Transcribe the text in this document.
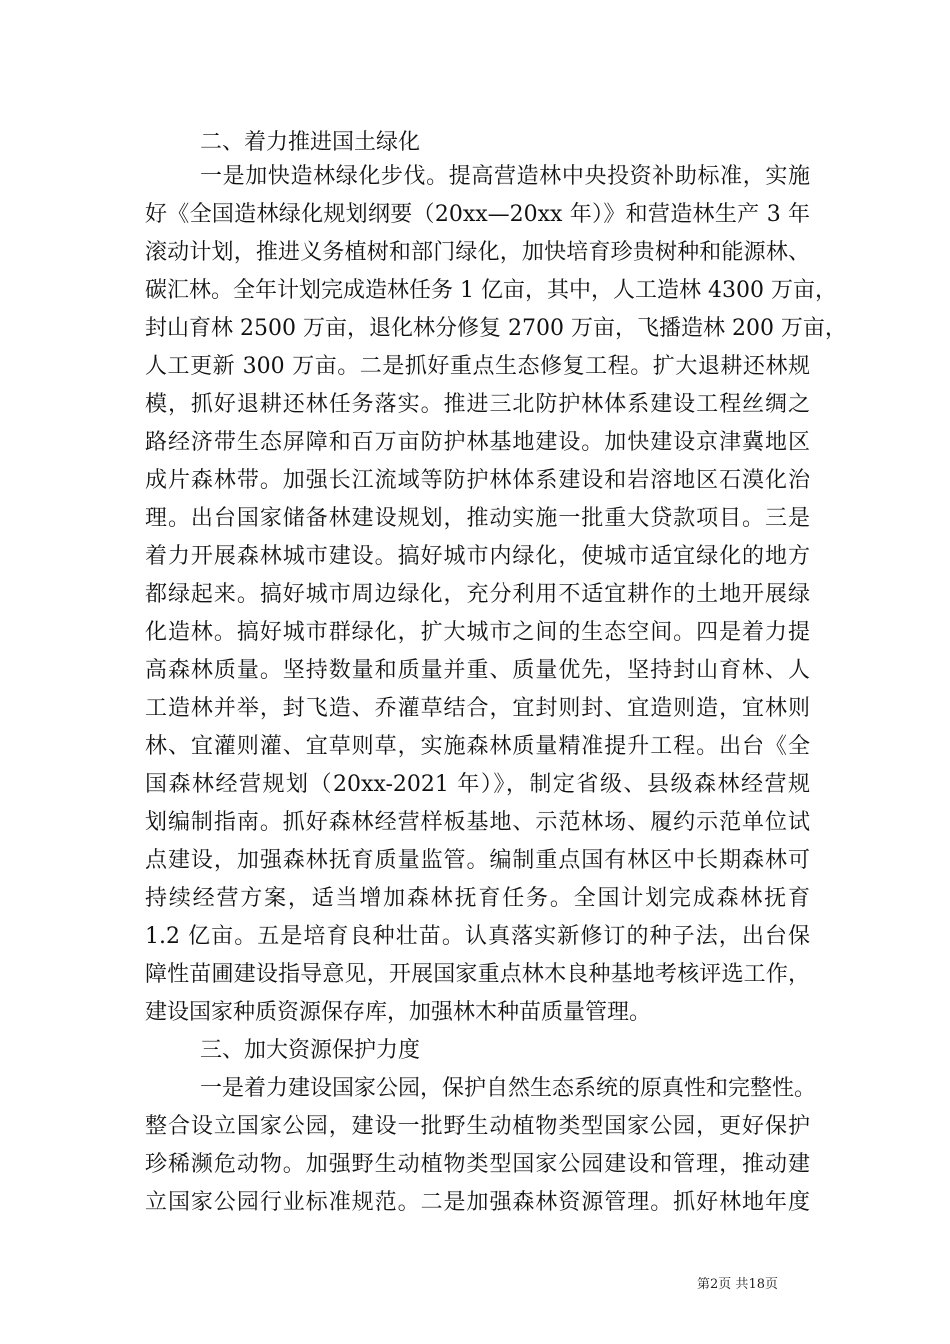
二、着力推进国土绿化
一是加快造林绿化步伐。提高营造林中央投资补助标准，实施
好《全国造林绿化规划纲要（20xx—20xx 年）》和营造林生产 3 年
滚动计划，推进义务植树和部门绿化，加快培育珍贵树种和能源林、
碳汇林。全年计划完成造林任务 1 亿亩，其中，人工造林 4300 万亩，
封山育林 2500 万亩，退化林分修复 2700 万亩，飞播造林 200 万亩，
人工更新 300 万亩。二是抓好重点生态修复工程。扩大退耕还林规
模，抓好退耕还林任务落实。推进三北防护林体系建设工程丝绸之
路经济带生态屏障和百万亩防护林基地建设。加快建设京津冀地区
成片森林带。加强长江流域等防护林体系建设和岩溶地区石漠化治
理。出台国家储备林建设规划，推动实施一批重大贷款项目。三是
着力开展森林城市建设。搞好城市内绿化，使城市适宜绿化的地方
都绿起来。搞好城市周边绿化，充分利用不适宜耕作的土地开展绿
化造林。搞好城市群绿化，扩大城市之间的生态空间。四是着力提
高森林质量。坚持数量和质量并重、质量优先，坚持封山育林、人
工造林并举，封飞造、乔灌草结合，宜封则封、宜造则造，宜林则
林、宜灌则灌、宜草则草，实施森林质量精准提升工程。出台《全
国森林经营规划（20xx-2021 年）》，制定省级、县级森林经营规
划编制指南。抓好森林经营样板基地、示范林场、履约示范单位试
点建设，加强森林抚育质量监管。编制重点国有林区中长期森林可
持续经营方案，适当增加森林抚育任务。全国计划完成森林抚育
1.2 亿亩。五是培育良种壮苗。认真落实新修订的种子法，出台保
障性苗圃建设指导意见，开展国家重点林木良种基地考核评选工作，
建设国家种质资源保存库，加强林木种苗质量管理。
三、加大资源保护力度
一是着力建设国家公园，保护自然生态系统的原真性和完整性。
整合设立国家公园，建设一批野生动植物类型国家公园，更好保护
珍稀濒危动物。加强野生动植物类型国家公园建设和管理，推动建
立国家公园行业标准规范。二是加强森林资源管理。抓好林地年度
第2页 共18页
